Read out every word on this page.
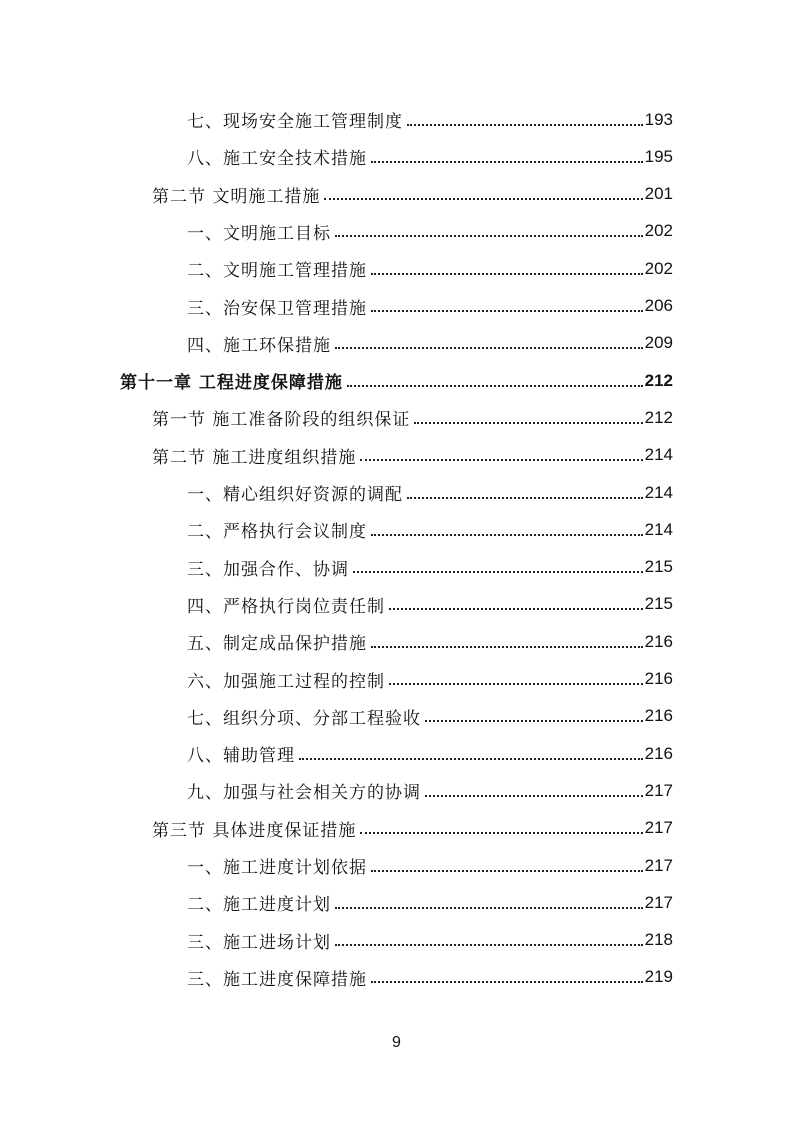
七、现场安全施工管理制度	193
八、施工安全技术措施	195
第二节 文明施工措施	201
一、文明施工目标	202
二、文明施工管理措施	202
三、治安保卫管理措施	206
四、施工环保措施	209
第十一章 工程进度保障措施	212
第一节 施工准备阶段的组织保证	212
第二节 施工进度组织措施	214
一、精心组织好资源的调配	214
二、严格执行会议制度	214
三、加强合作、协调	215
四、严格执行岗位责任制	215
五、制定成品保护措施	216
六、加强施工过程的控制	216
七、组织分项、分部工程验收	216
八、辅助管理	216
九、加强与社会相关方的协调	217
第三节 具体进度保证措施	217
一、施工进度计划依据	217
二、施工进度计划	217
三、施工进场计划	218
三、施工进度保障措施	219
9
